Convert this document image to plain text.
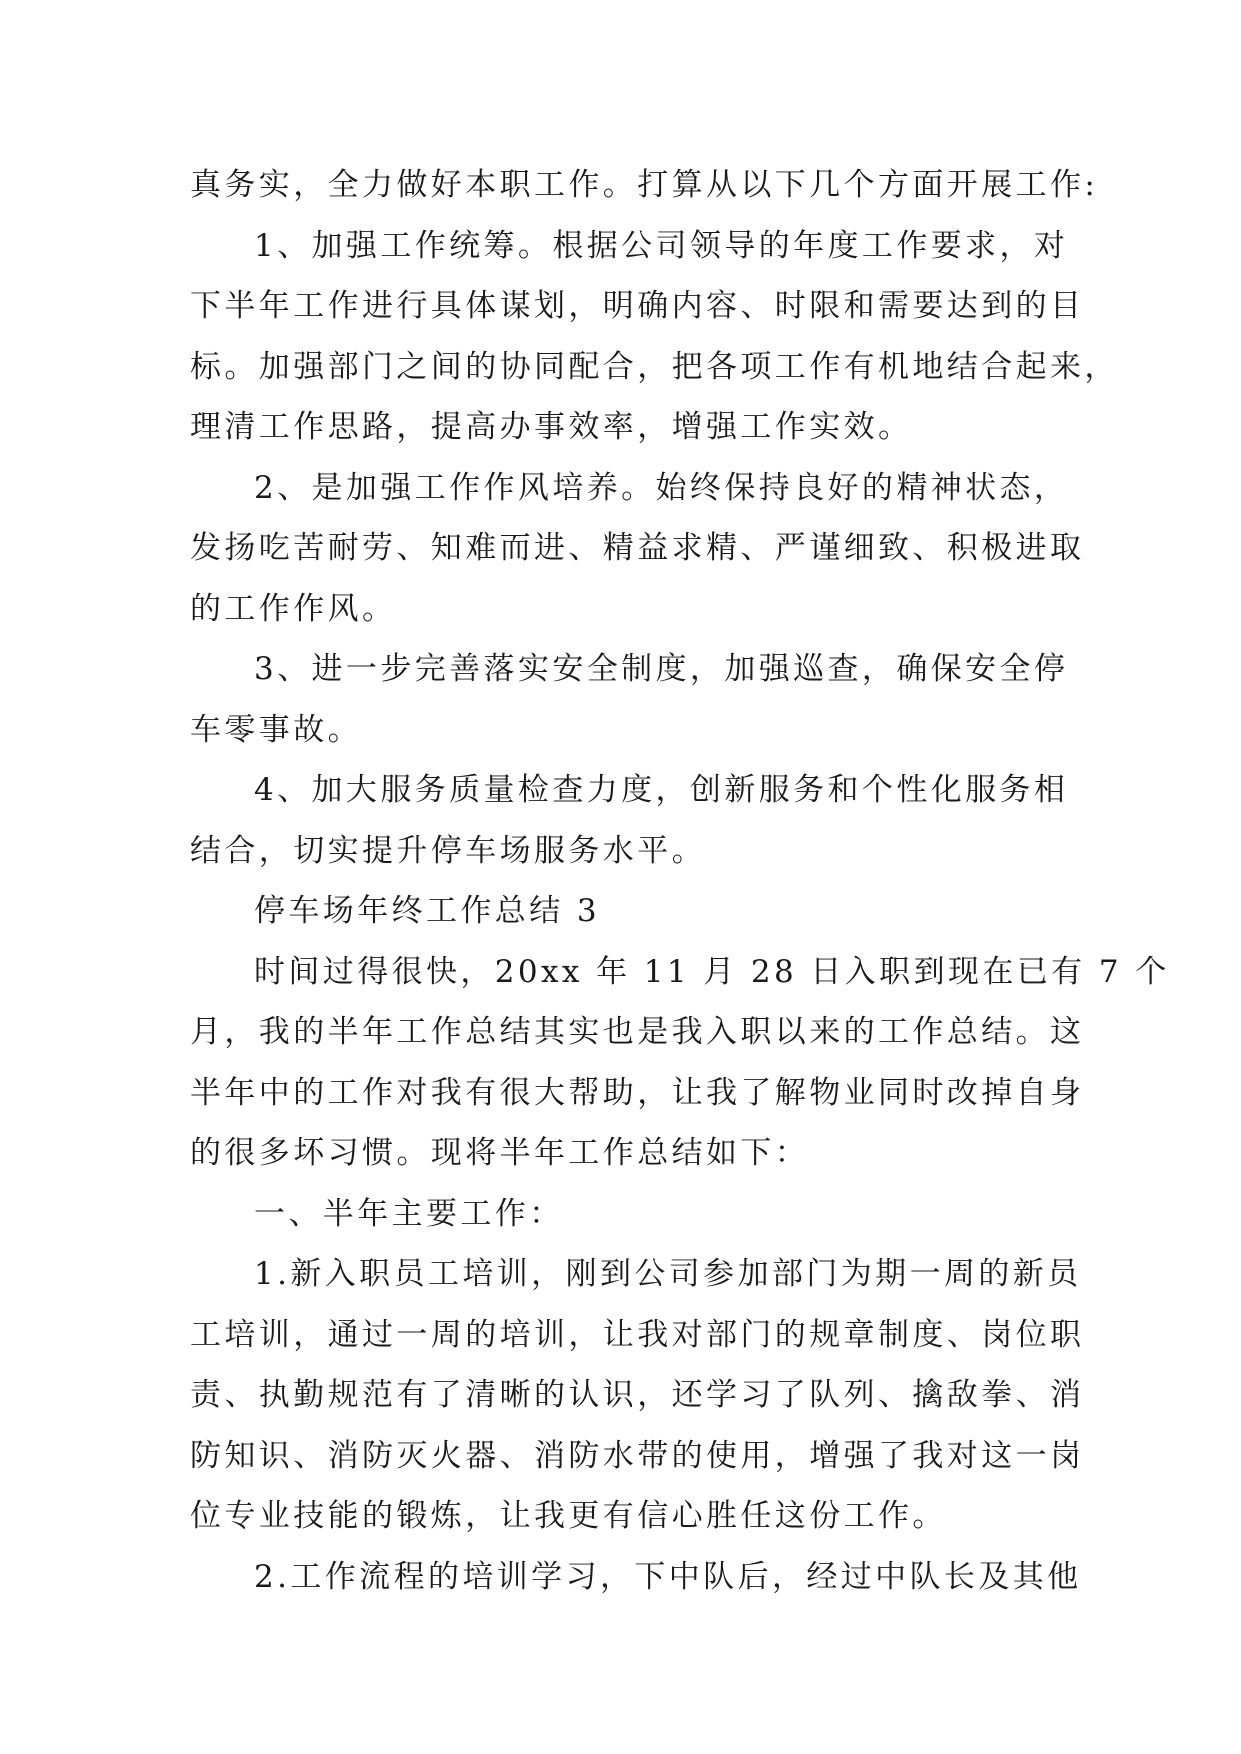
真务实，全力做好本职工作。打算从以下几个方面开展工作:
1、加强工作统筹。根据公司领导的年度工作要求，对
下半年工作进行具体谋划，明确内容、时限和需要达到的目
标。加强部门之间的协同配合，把各项工作有机地结合起来，
理清工作思路，提高办事效率，增强工作实效。
2、是加强工作作风培养。始终保持良好的精神状态，
发扬吃苦耐劳、知难而进、精益求精、严谨细致、积极进取
的工作作风。
3、进一步完善落实安全制度，加强巡查，确保安全停
车零事故。
4、加大服务质量检查力度，创新服务和个性化服务相
结合，切实提升停车场服务水平。
停车场年终工作总结 3
时间过得很快，20xx 年 11 月 28 日入职到现在已有 7 个
月，我的半年工作总结其实也是我入职以来的工作总结。这
半年中的工作对我有很大帮助，让我了解物业同时改掉自身
的很多坏习惯。现将半年工作总结如下：
一、半年主要工作：
1.新入职员工培训，刚到公司参加部门为期一周的新员
工培训，通过一周的培训，让我对部门的规章制度、岗位职
责、执勤规范有了清晰的认识，还学习了队列、擒敌拳、消
防知识、消防灭火器、消防水带的使用，增强了我对这一岗
位专业技能的锻炼，让我更有信心胜任这份工作。
2.工作流程的培训学习，下中队后，经过中队长及其他
